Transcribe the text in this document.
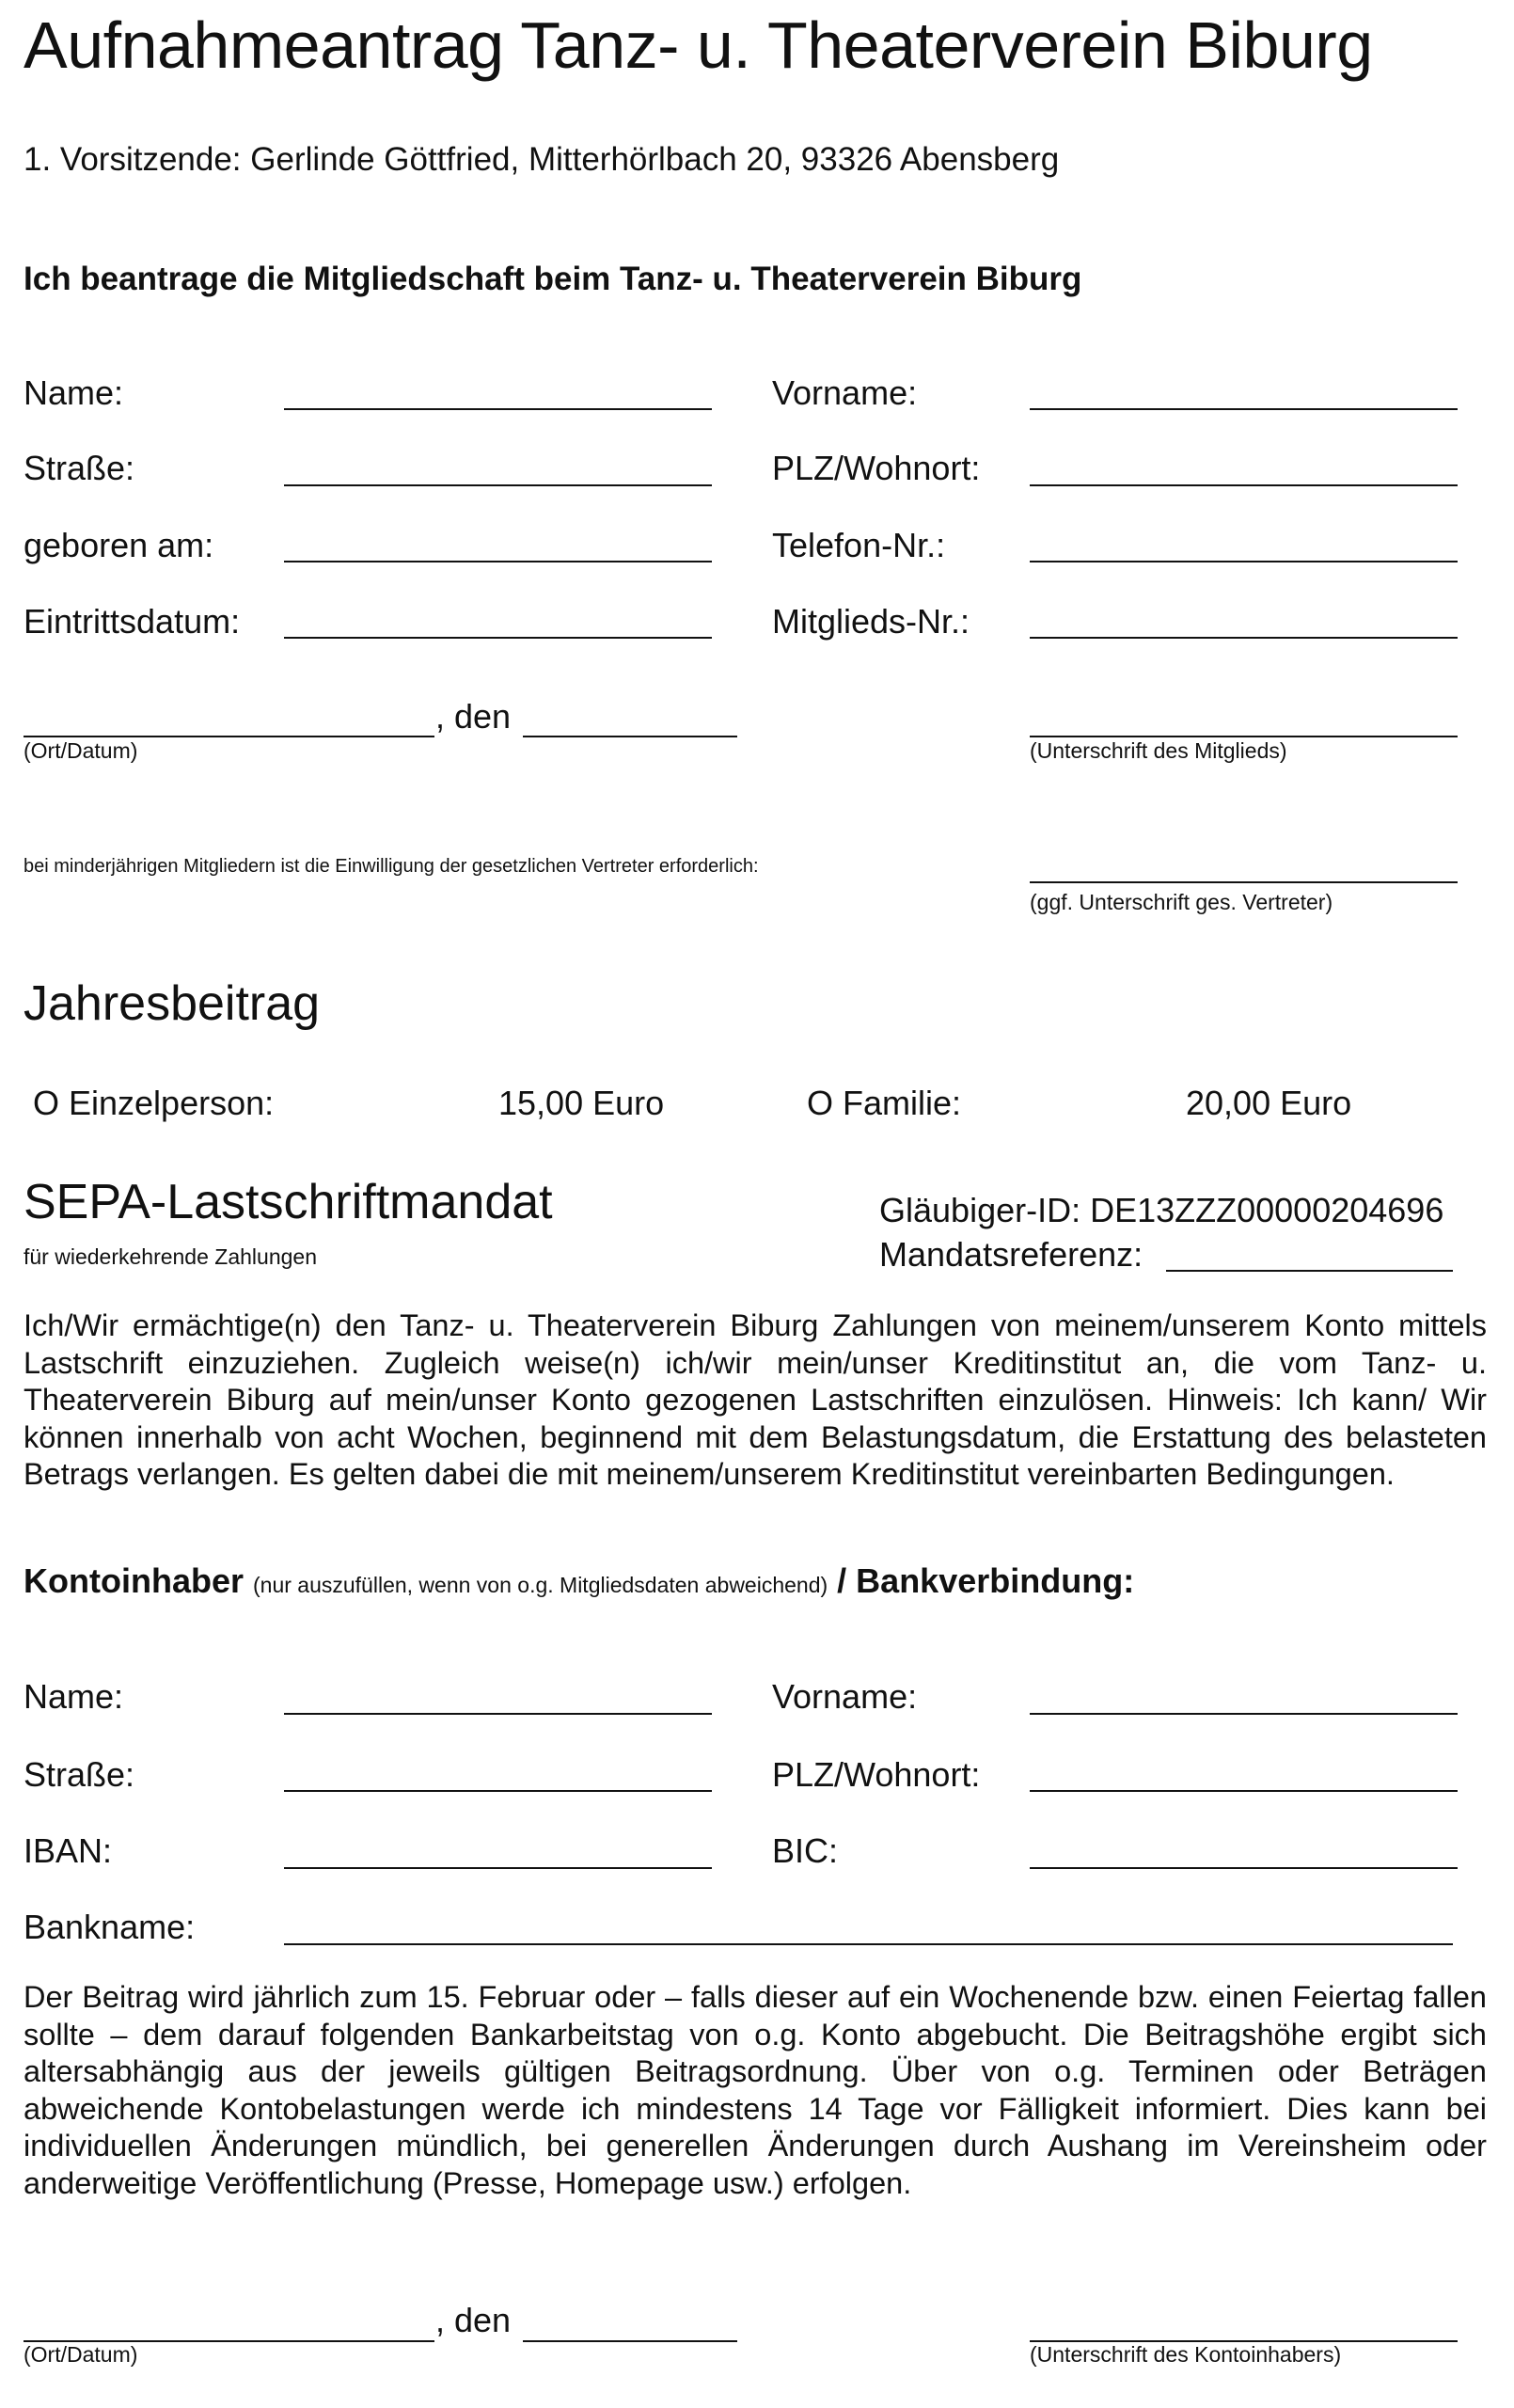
Aufnahmeantrag Tanz- u. Theaterverein Biburg
1. Vorsitzende: Gerlinde Göttfried, Mitterhörlbach 20, 93326 Abensberg
Ich beantrage die Mitgliedschaft beim Tanz- u. Theaterverein Biburg
Name:	Vorname:
Straße:	PLZ/Wohnort:
geboren am:	Telefon-Nr.:
Eintrittsdatum:	Mitglieds-Nr.:
, den
(Ort/Datum)	(Unterschrift des Mitglieds)
bei minderjährigen Mitgliedern ist die Einwilligung der gesetzlichen Vertreter erforderlich:
(ggf. Unterschrift ges. Vertreter)
Jahresbeitrag
O Einzelperson:	15,00 Euro	O Familie:	20,00 Euro
SEPA-Lastschriftmandat
für wiederkehrende Zahlungen
Gläubiger-ID: DE13ZZZ00000204696
Mandatsreferenz:

Ich/Wir ermächtige(n) den Tanz- u. Theaterverein Biburg Zahlungen von meinem/unserem Konto mittels Lastschrift einzuziehen. Zugleich weise(n) ich/wir mein/unser Kreditinstitut an, die vom Tanz- u. Theaterverein Biburg auf mein/unser Konto gezogenen Lastschriften einzulösen. Hinweis: Ich kann/ Wir können innerhalb von acht Wochen, beginnend mit dem Belastungsdatum, die Erstattung des belasteten Betrags verlangen. Es gelten dabei die mit meinem/unserem Kreditinstitut vereinbarten Bedingungen.

Kontoinhaber (nur auszufüllen, wenn von o.g. Mitgliedsdaten abweichend) / Bankverbindung:
Name:	Vorname:
Straße:	PLZ/Wohnort:
IBAN:	BIC:
Bankname:

Der Beitrag wird jährlich zum 15. Februar oder – falls dieser auf ein Wochenende bzw. einen Feiertag fallen sollte – dem darauf folgenden Bankarbeitstag von o.g. Konto abgebucht. Die Beitragshöhe ergibt sich altersabhängig aus der jeweils gültigen Beitragsordnung. Über von o.g. Terminen oder Beträgen abweichende Kontobelastungen werde ich mindestens 14 Tage vor Fälligkeit informiert. Dies kann bei individuellen Änderungen mündlich, bei generellen Änderungen durch Aushang im Vereinsheim oder anderweitige Veröffentlichung (Presse, Homepage usw.) erfolgen.

, den
(Ort/Datum)	(Unterschrift des Kontoinhabers)
